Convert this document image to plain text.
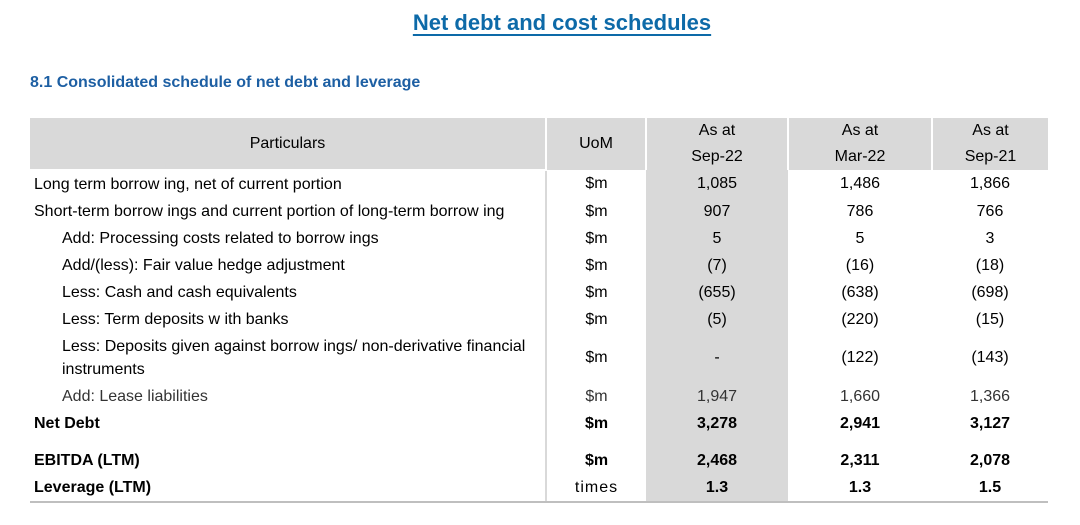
Net debt and cost schedules
8.1 Consolidated schedule of net debt and leverage
Particulars	UoM	As at	As at	As at
		Sep-22	Mar-22	Sep-21
Long term borrow ing, net of current portion	$m	1,085	1,486	1,866
Short-term borrow ings and current portion of long-term borrow ing	$m	907	786	766
Add: Processing costs related to borrow ings	$m	5	5	3
Add/(less): Fair value hedge adjustment	$m	(7)	(16)	(18)
Less: Cash and cash equivalents	$m	(655)	(638)	(698)
Less: Term deposits w ith banks	$m	(5)	(220)	(15)
Less: Deposits given against borrow ings/ non-derivative financial instruments	$m	-	(122)	(143)
Add: Lease liabilities	$m	1,947	1,660	1,366
Net Debt	$m	3,278	2,941	3,127

EBITDA (LTM)	$m	2,468	2,311	2,078
Leverage (LTM)	times	1.3	1.3	1.5
